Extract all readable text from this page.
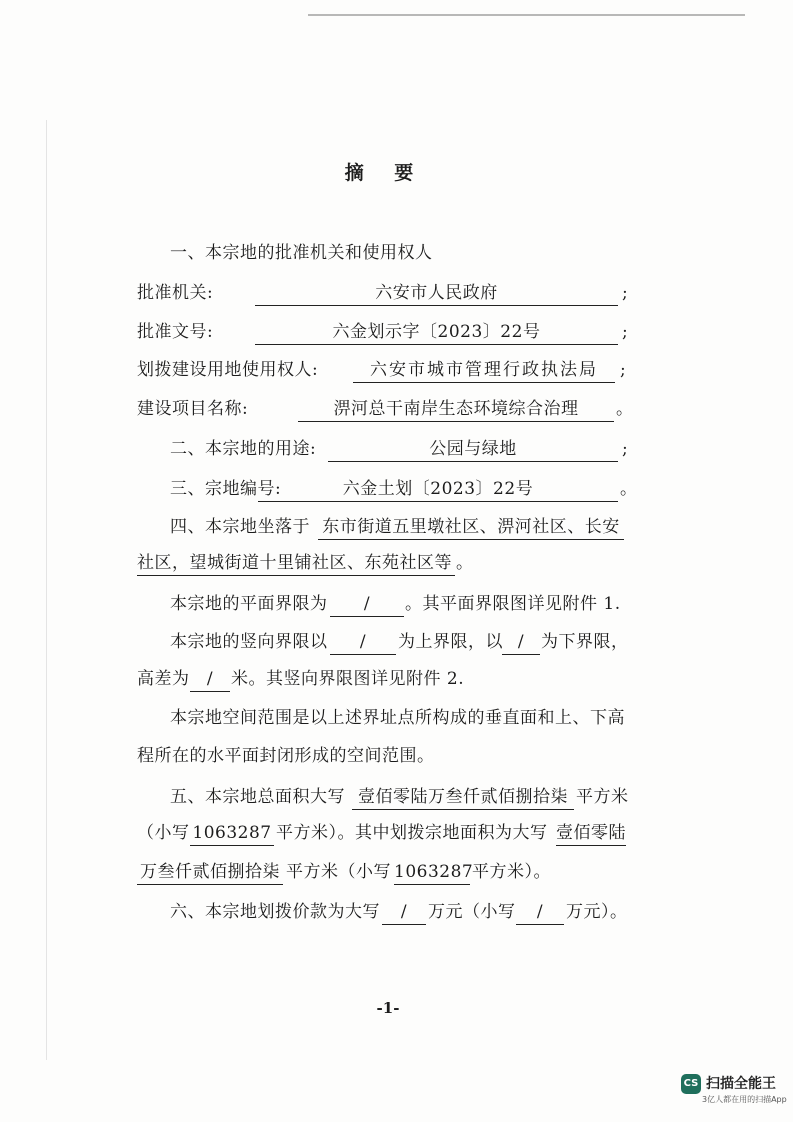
摘 要
一、本宗地的批准机关和使用权人
批准机关:	六安市人民政府	;
批准文号:	六金划示字〔2023〕22号	;
划拨建设用地使用权人:	六安市城市管理行政执法局	;
建设项目名称:	淠河总干南岸生态环境综合治理	。
二、本宗地的用途:	公园与绿地	;
三、宗地编号:	六金土划〔2023〕22号	。
四、本宗地坐落于 东市街道五里墩社区、淠河社区、长安
社区，望城街道十里铺社区、东苑社区等 。
本宗地的平面界限为	/	。其平面界限图详见附件 1.
本宗地的竖向界限以	/	为上界限，以 / 为下界限，
高差为	/	米。其竖向界限图详见附件 2.
本宗地空间范围是以上述界址点所构成的垂直面和上、下高
程所在的水平面封闭形成的空间范围。
五、本宗地总面积大写 壹佰零陆万叁仟贰佰捌拾柒 平方米
（小写 1063287 平方米）。其中划拨宗地面积为大写 壹佰零陆
万叁仟贰佰捌拾柒 平方米（小写 1063287
平方米）。
六、本宗地划拨价款为大写	/	万元（小写	/	万元）。
-1-
CS 扫描全能王
3亿人都在用的扫描App
